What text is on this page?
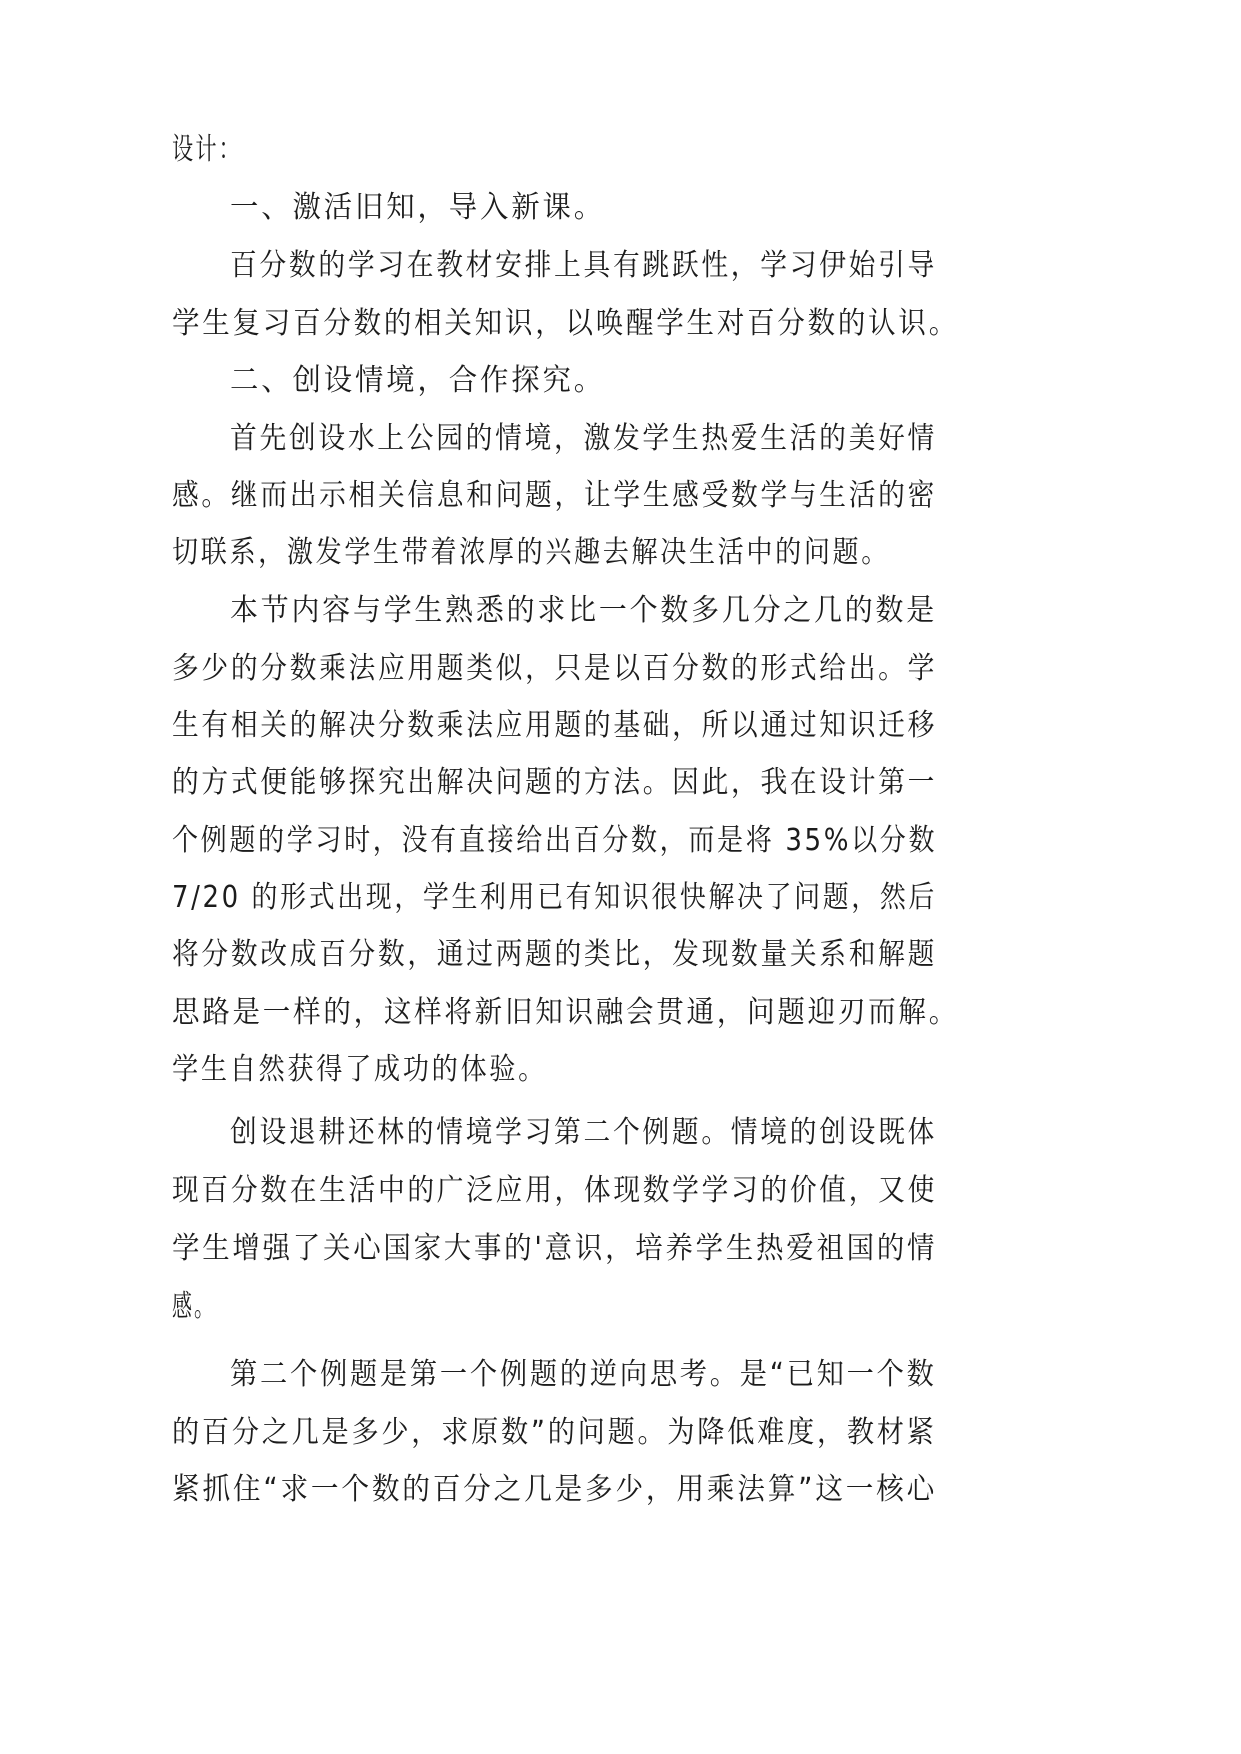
设计：
一、激活旧知，导入新课。
百分数的学习在教材安排上具有跳跃性，学习伊始引导
学生复习百分数的相关知识，以唤醒学生对百分数的认识。
二、创设情境，合作探究。
首先创设水上公园的情境，激发学生热爱生活的美好情
感。继而出示相关信息和问题，让学生感受数学与生活的密
切联系，激发学生带着浓厚的兴趣去解决生活中的问题。
本节内容与学生熟悉的求比一个数多几分之几的数是
多少的分数乘法应用题类似，只是以百分数的形式给出。学
生有相关的解决分数乘法应用题的基础，所以通过知识迁移
的方式便能够探究出解决问题的方法。因此，我在设计第一
个例题的学习时，没有直接给出百分数，而是将 35%以分数
7/20 的形式出现，学生利用已有知识很快解决了问题，然后
将分数改成百分数，通过两题的类比，发现数量关系和解题
思路是一样的，这样将新旧知识融会贯通，问题迎刃而解。
学生自然获得了成功的体验。
创设退耕还林的情境学习第二个例题。情境的创设既体
现百分数在生活中的广泛应用，体现数学学习的价值，又使
学生增强了关心国家大事的'意识，培养学生热爱祖国的情
感。
第二个例题是第一个例题的逆向思考。是“已知一个数
的百分之几是多少，求原数”的问题。为降低难度，教材紧
紧抓住“求一个数的百分之几是多少，用乘法算”这一核心
